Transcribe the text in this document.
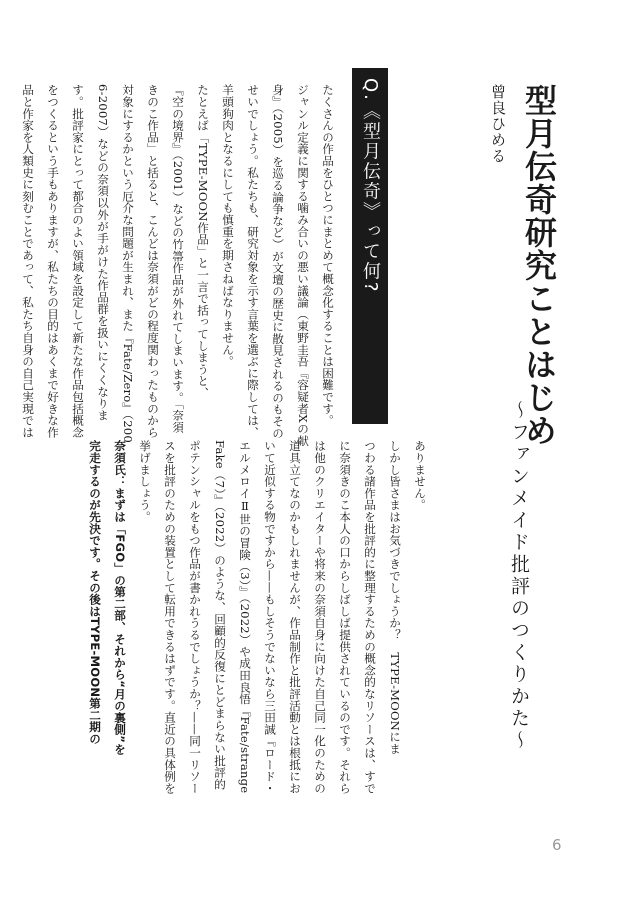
型月伝奇研究ことはじめ
曾良ひめる
～ファンメイド批評のつくりかた～
Q.《型月伝奇》って何?
たくさんの作品をひとつにまとめて概念化することは困難です。
ジャンル定義に関する噛み合いの悪い議論（東野圭吾『容疑者Xの献
身』（2005）を巡る論争など）が文壇の歴史に散見されるのもその
せいでしょう。私たちも、研究対象を示す言葉を選ぶに際しては、
羊頭狗肉となるにしても慎重を期さねばなりません。
たとえば「TYPE-MOON作品」と一言で括ってしまうと、
『空の境界』（2001）などの竹箒作品が外れてしまいます。「奈須
きのこ作品」と括ると、こんどは奈須がどの程度関わったものから
対象にするかという厄介な問題が生まれ、また『Fate/Zero』（200
6-2007）などの奈須以外が手がけた作品群を扱いにくくなりま
す。批評家にとって都合のよい領域を設定して新たな作品包括概念
をつくるという手もありますが、私たちの目的はあくまで好きな作
品と作家を人類史に刻むことであって、私たち自身の自己実現では
ありません。
しかし皆さまはお気づきでしょうか？　TYPE-MOONにま
つわる諸作品を批評的に整理するための概念的なリソースは、すで
に奈須きのこ本人の口からしばしば提供されているのです。それら
は他のクリエイターや将来の奈須自身に向けた自己同一化のための
道具立てなのかもしれませんが、作品制作と批評活動とは根抵にお
いて近似する物ですから——もしそうでないなら三田誠『ロード・
エルメロイⅡ世の冒険（3）』（2022）や成田良悟『Fate/strange
Fake（7）』（2022）のような、回顧的反復にとどまらない批評的
ポテンシャルをもつ作品が書かれうるでしょうか？——同一リソー
スを批評のための装置として転用できるはずです。直近の具体例を
挙げましょう。
奈須氏：まずは「FGO」の第二部、それから“月の裏側”を
完走するのが先決です。その後はTYPE-MOON第二期の
6
